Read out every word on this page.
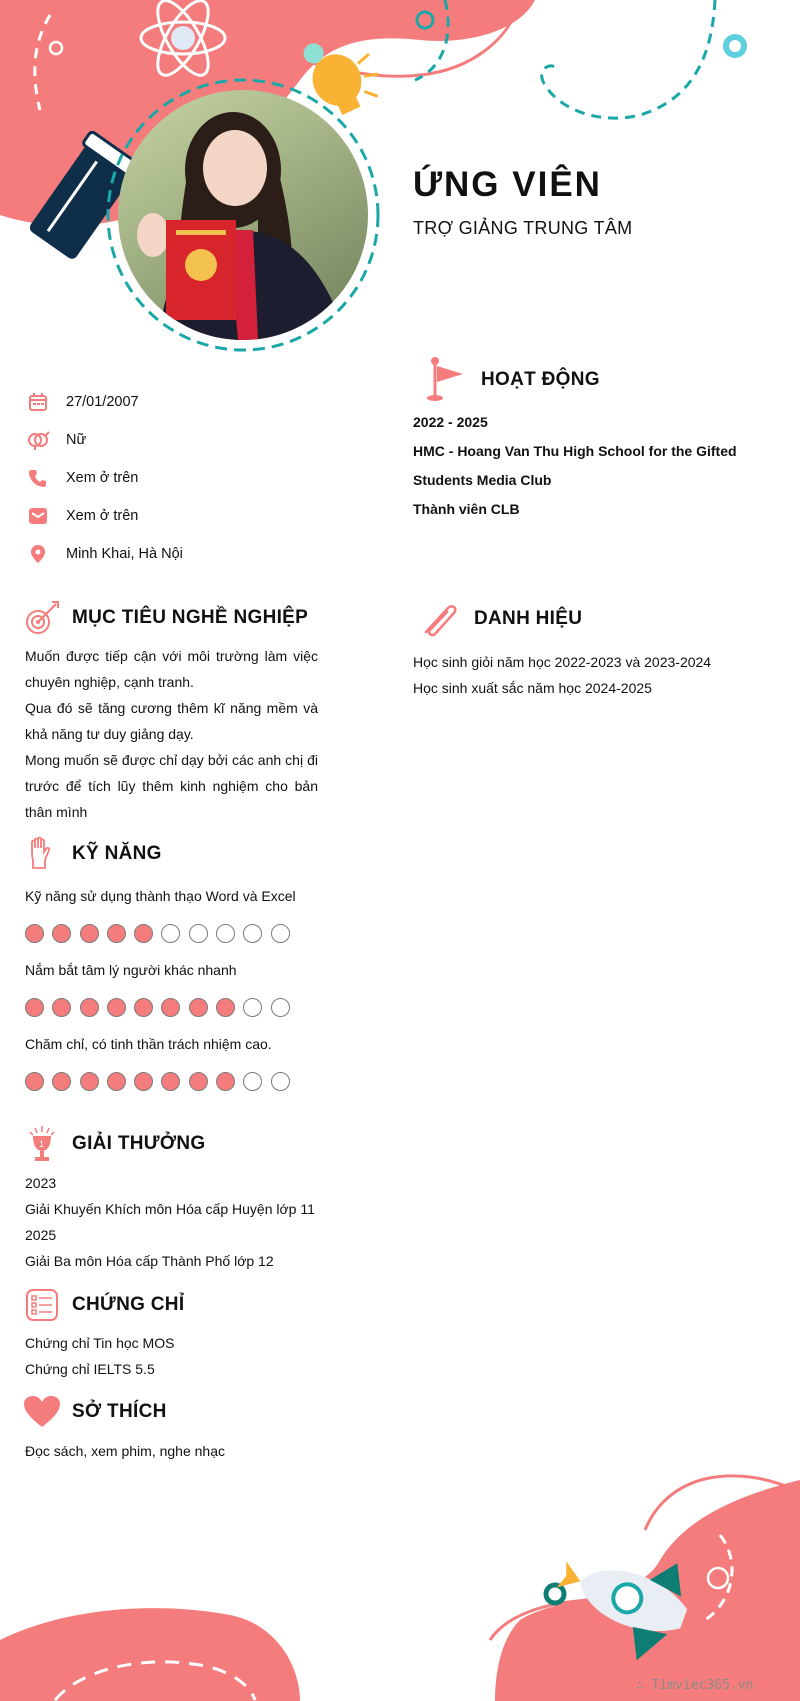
ỨNG VIÊN

TRỢ GIẢNG TRUNG TÂM

27/01/2007
Nữ
Xem ở trên
Xem ở trên
Minh Khai, Hà Nội
MỤC TIÊU NGHỀ NGHIỆP

Muốn được tiếp cận với môi trường làm việc chuyên nghiệp, cạnh tranh.

Qua đó sẽ tăng cương thêm kĩ năng mềm và khả năng tư duy giảng dạy.

Mong muốn sẽ được chỉ dạy bởi các anh chị đi trước để tích lũy thêm kinh nghiệm cho bản thân mình

KỸ NĂNG

Kỹ năng sử dụng thành thạo Word và Excel

Nắm bắt tâm lý người khác nhanh

Chăm chỉ, có tinh thần trách nhiệm cao.

1 GIẢI THƯỞNG

2023

Giải Khuyến Khích môn Hóa cấp Huyện lớp 11

2025

Giải Ba môn Hóa cấp Thành Phố lớp 12

CHỨNG CHỈ

Chứng chỉ Tin học MOS

Chứng chỉ IELTS 5.5

SỞ THÍCH

Đọc sách, xem phim, nghe nhạc

HOẠT ĐỘNG

2022 - 2025

HMC - Hoang Van Thu High School for the Gifted Students Media Club

Thành viên CLB

DANH HIỆU

Học sinh giỏi năm học 2022-2023 và 2023-2024

Học sinh xuất sắc năm học 2024-2025

∴ Timviec365.vn
